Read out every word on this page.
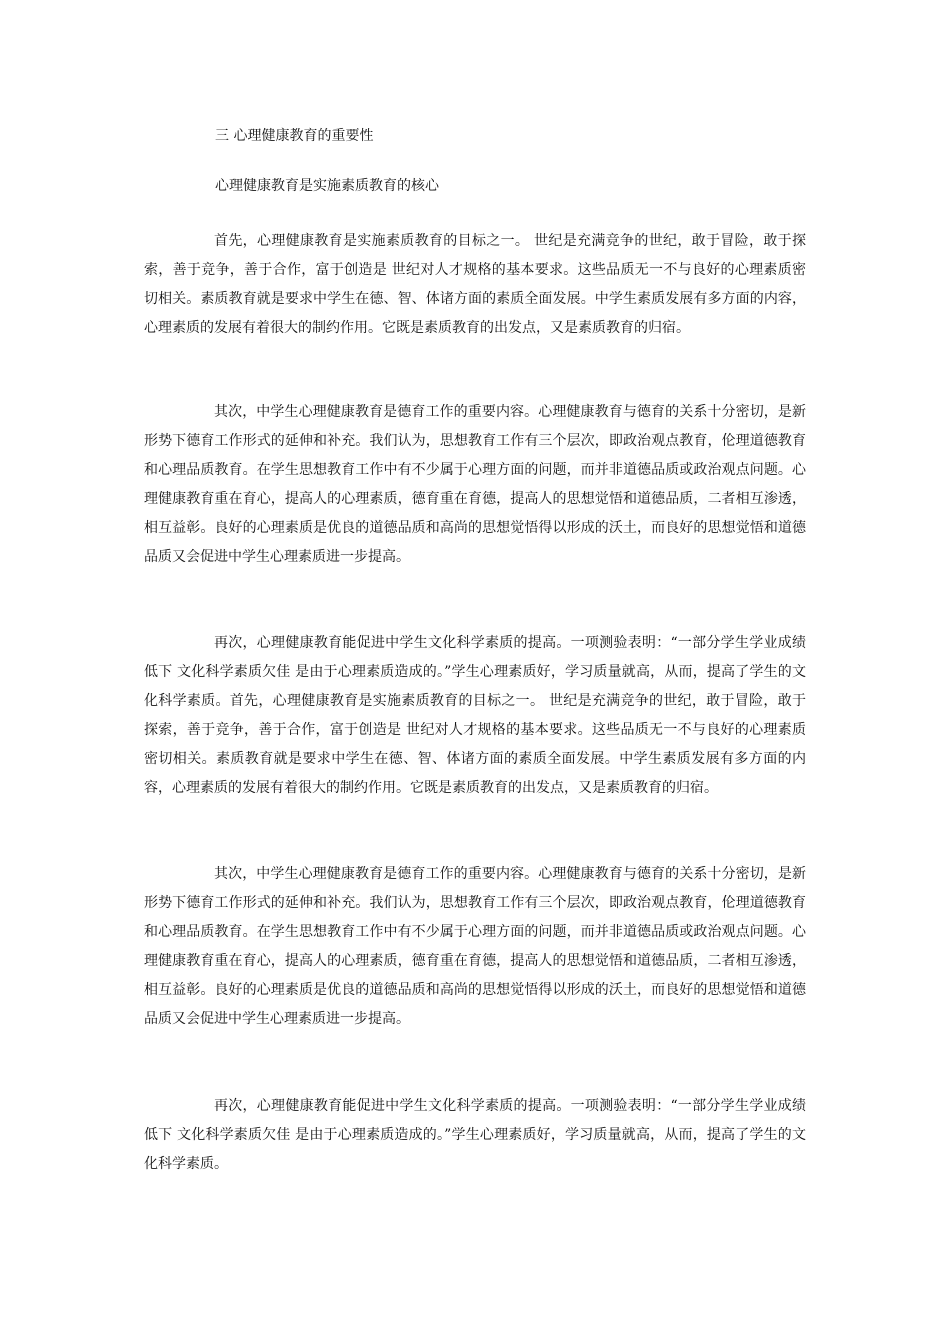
三 心理健康教育的重要性
心理健康教育是实施素质教育的核心

首先，心理健康教育是实施素质教育的目标之一。 世纪是充满竞争的世纪，敢于冒险，敢于探索，善于竞争，善于合作，富于创造是 世纪对人才规格的基本要求。这些品质无一不与良好的心理素质密切相关。素质教育就是要求中学生在德、智、体诸方面的素质全面发展。中学生素质发展有多方面的内容，心理素质的发展有着很大的制约作用。它既是素质教育的出发点，又是素质教育的归宿。

其次，中学生心理健康教育是德育工作的重要内容。心理健康教育与德育的关系十分密切，是新形势下德育工作形式的延伸和补充。我们认为，思想教育工作有三个层次，即政治观点教育，伦理道德教育和心理品质教育。在学生思想教育工作中有不少属于心理方面的问题，而并非道德品质或政治观点问题。心理健康教育重在育心，提高人的心理素质，德育重在育德，提高人的思想觉悟和道德品质，二者相互渗透，相互益彰。良好的心理素质是优良的道德品质和高尚的思想觉悟得以形成的沃土，而良好的思想觉悟和道德品质又会促进中学生心理素质进一步提高。

再次，心理健康教育能促进中学生文化科学素质的提高。一项测验表明：“一部分学生学业成绩低下 文化科学素质欠佳 是由于心理素质造成的。”学生心理素质好，学习质量就高，从而，提高了学生的文化科学素质。首先，心理健康教育是实施素质教育的目标之一。 世纪是充满竞争的世纪，敢于冒险，敢于探索，善于竞争，善于合作，富于创造是 世纪对人才规格的基本要求。这些品质无一不与良好的心理素质密切相关。素质教育就是要求中学生在德、智、体诸方面的素质全面发展。中学生素质发展有多方面的内容，心理素质的发展有着很大的制约作用。它既是素质教育的出发点，又是素质教育的归宿。

其次，中学生心理健康教育是德育工作的重要内容。心理健康教育与德育的关系十分密切，是新形势下德育工作形式的延伸和补充。我们认为，思想教育工作有三个层次，即政治观点教育，伦理道德教育和心理品质教育。在学生思想教育工作中有不少属于心理方面的问题，而并非道德品质或政治观点问题。心理健康教育重在育心，提高人的心理素质，德育重在育德，提高人的思想觉悟和道德品质，二者相互渗透，相互益彰。良好的心理素质是优良的道德品质和高尚的思想觉悟得以形成的沃土，而良好的思想觉悟和道德品质又会促进中学生心理素质进一步提高。

再次，心理健康教育能促进中学生文化科学素质的提高。一项测验表明：“一部分学生学业成绩低下 文化科学素质欠佳 是由于心理素质造成的。”学生心理素质好，学习质量就高，从而，提高了学生的文化科学素质。
